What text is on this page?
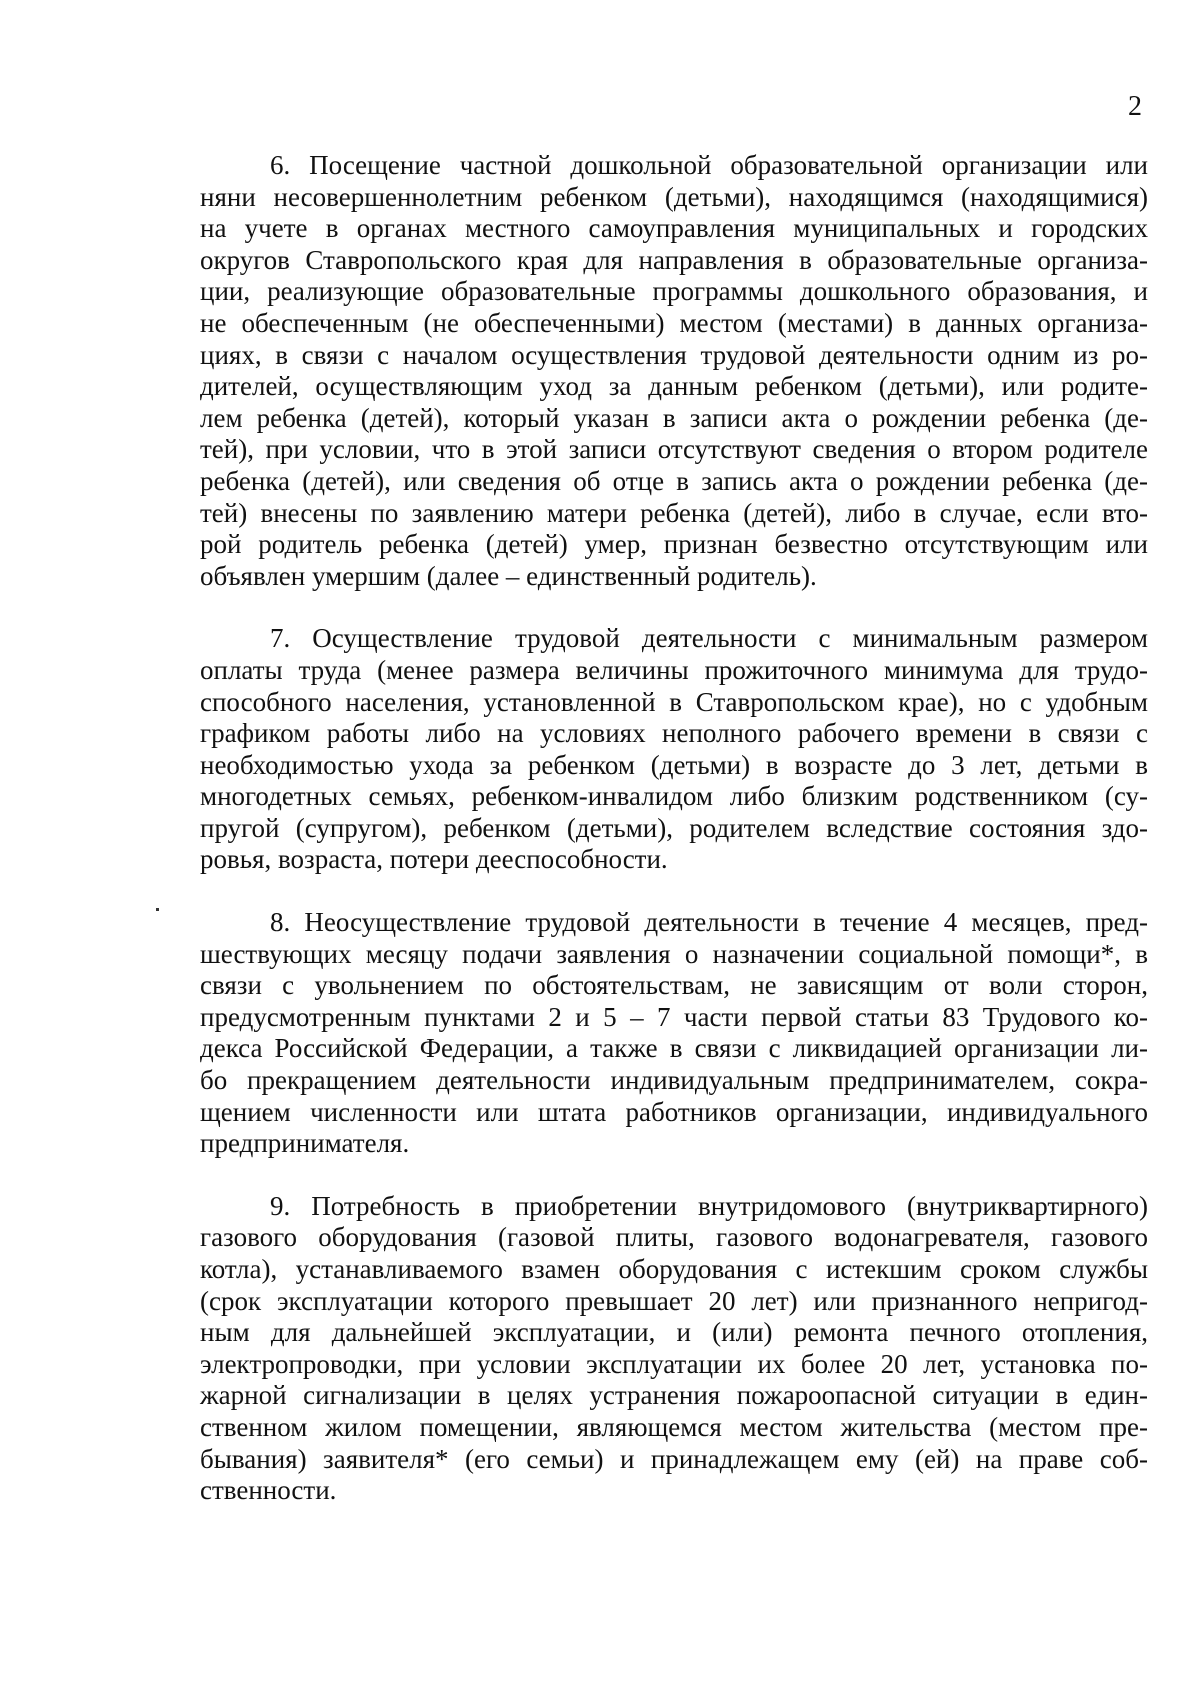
2
6. Посещение частной дошкольной образовательной организации или
няни несовершеннолетним ребенком (детьми), находящимся (находящимися)
на учете в органах местного самоуправления муниципальных и городских
округов Ставропольского края для направления в образовательные организа-
ции, реализующие образовательные программы дошкольного образования, и
не обеспеченным (не обеспеченными) местом (местами) в данных организа-
циях, в связи с началом осуществления трудовой деятельности одним из ро-
дителей, осуществляющим уход за данным ребенком (детьми), или родите-
лем ребенка (детей), который указан в записи акта о рождении ребенка (де-
тей), при условии, что в этой записи отсутствуют сведения о втором родителе
ребенка (детей), или сведения об отце в запись акта о рождении ребенка (де-
тей) внесены по заявлению матери ребенка (детей), либо в случае, если вто-
рой родитель ребенка (детей) умер, признан безвестно отсутствующим или
объявлен умершим (далее – единственный родитель).
7. Осуществление трудовой деятельности с минимальным размером
оплаты труда (менее размера величины прожиточного минимума для трудо-
способного населения, установленной в Ставропольском крае), но с удобным
графиком работы либо на условиях неполного рабочего времени в связи с
необходимостью ухода за ребенком (детьми) в возрасте до 3 лет, детьми в
многодетных семьях, ребенком-инвалидом либо близким родственником (су-
пругой (супругом), ребенком (детьми), родителем вследствие состояния здо-
ровья, возраста, потери дееспособности.
8. Неосуществление трудовой деятельности в течение 4 месяцев, пред-
шествующих месяцу подачи заявления о назначении социальной помощи*, в
связи с увольнением по обстоятельствам, не зависящим от воли сторон,
предусмотренным пунктами 2 и 5 – 7 части первой статьи 83 Трудового ко-
декса Российской Федерации, а также в связи с ликвидацией организации ли-
бо прекращением деятельности индивидуальным предпринимателем, сокра-
щением численности или штата работников организации, индивидуального
предпринимателя.
9. Потребность в приобретении внутридомового (внутриквартирного)
газового оборудования (газовой плиты, газового водонагревателя, газового
котла), устанавливаемого взамен оборудования с истекшим сроком службы
(срок эксплуатации которого превышает 20 лет) или признанного непригод-
ным для дальнейшей эксплуатации, и (или) ремонта печного отопления,
электропроводки, при условии эксплуатации их более 20 лет, установка по-
жарной сигнализации в целях устранения пожароопасной ситуации в един-
ственном жилом помещении, являющемся местом жительства (местом пре-
бывания) заявителя* (его семьи) и принадлежащем ему (ей) на праве соб-
ственности.
